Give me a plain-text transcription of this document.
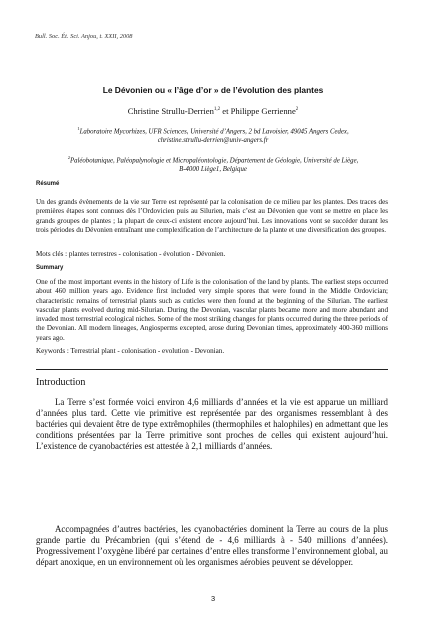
Bull. Soc. Ét. Sci. Anjou, t. XXII, 2008
Le Dévonien ou « l’âge d’or » de l’évolution des plantes
Christine Strullu-Derrien$^{1,2}$ et Philippe Gerrienne$^2$
$^1$Laboratoire Mycorhizes, UFR Sciences, Université d’Angers, 2 bd Lavoisier, 49045 Angers Cedex,
christine.strullu-derrien@univ-angers.fr
$^2$Paléobotanique, Paléopalynologie et Micropaléontologie, Département de Géologie, Université de Liège,
B-4000 Liège1, Belgique
Résumé
Un des grands évènements de la vie sur Terre est représenté par la colonisation de ce milieu par les plantes. Des traces des premières étapes sont connues dès l’Ordovicien puis au Silurien, mais c’est au Dévonien que vont se mettre en place les grands groupes de plantes ; la plupart de ceux-ci existent encore aujourd’hui. Les innovations vont se succéder durant les trois périodes du Dévonien entraînant une complexification de l’architecture de la plante et une diversification des groupes.
Mots clés : plantes terrestres - colonisation - évolution - Dévonien.
Summary
One of the most important events in the history of Life is the colonisation of the land by plants. The earliest steps occurred about 460 million years ago. Evidence first included very simple spores that were found in the Middle Ordovician; characteristic remains of terrestrial plants such as cuticles were then found at the beginning of the Silurian. The earliest vascular plants evolved during mid-Silurian. During the Devonian, vascular plants became more and more abundant and invaded most terrestrial ecological niches. Some of the most striking changes for plants occurred during the three periods of the Devonian. All modern lineages, Angiosperms excepted, arose during Devonian times, approximately 400-360 millions years ago.
Keywords : Terrestrial plant - colonisation - evolution - Devonian.
Introduction

La Terre s’est formée voici environ 4,6 milliards d’années et la vie est apparue un milliard d’années plus tard. Cette vie primitive est représentée par des organismes ressemblant à des bactéries qui devaient être de type extrêmophiles (thermophiles et halophiles) en admettant que les conditions présentées par la Terre primitive sont proches de celles qui existent aujourd’hui. L’existence de cyanobactéries est attestée à 2,1 milliards d’années.

Accompagnées d’autres bactéries, les cyanobactéries dominent la Terre au cours de la plus grande partie du Précambrien (qui s’étend de - 4,6 milliards à - 540 millions d’années). Progressivement l’oxygène libéré par certaines d’entre elles transforme l’environnement global, au départ anoxique, en un environnement où les organismes aérobies peuvent se développer.

3
